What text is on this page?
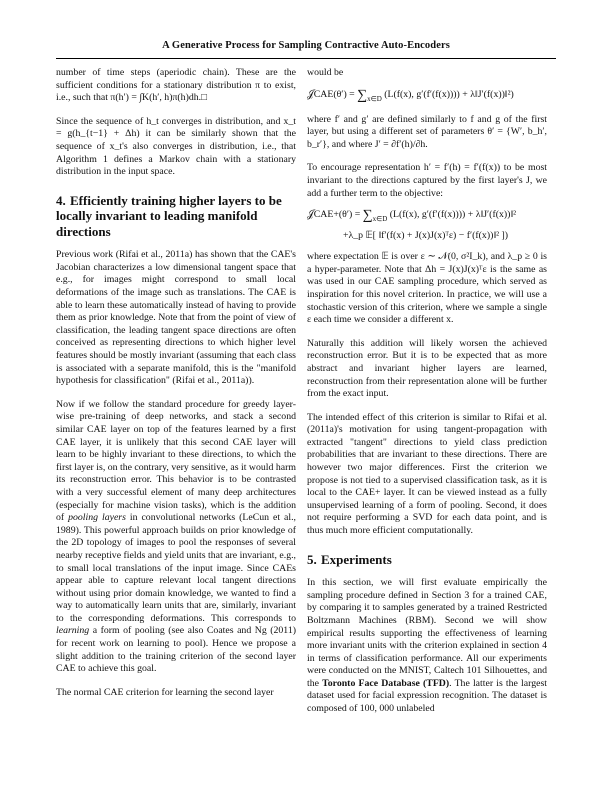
A Generative Process for Sampling Contractive Auto-Encoders

number of time steps (aperiodic chain). These are the sufficient conditions for a stationary distribution π to exist, i.e., such that π(h′) = ∫K(h′, h)π(h)dh.□

Since the sequence of h_t converges in distribution, and x_t = g(h_{t−1} + Δh) it can be similarly shown that the sequence of x_t's also converges in distribution, i.e., that Algorithm 1 defines a Markov chain with a stationary distribution in the input space.

4. Efficiently training higher layers to be locally invariant to leading manifold directions

Previous work (Rifai et al., 2011a) has shown that the CAE's Jacobian characterizes a low dimensional tangent space that e.g., for images might correspond to small local deformations of the image such as translations. The CAE is able to learn these automatically instead of having to provide them as prior knowledge. Note that from the point of view of classification, the leading tangent space directions are often conceived as representing directions to which higher level features should be mostly invariant (assuming that each class is associated with a separate manifold, this is the "manifold hypothesis for classification" (Rifai et al., 2011a)).

Now if we follow the standard procedure for greedy layer-wise pre-training of deep networks, and stack a second similar CAE layer on top of the features learned by a first CAE layer, it is unlikely that this second CAE layer will learn to be highly invariant to these directions, to which the first layer is, on the contrary, very sensitive, as it would harm its reconstruction error. This behavior is to be contrasted with a very successful element of many deep architectures (especially for machine vision tasks), which is the addition of pooling layers in convolutional networks (LeCun et al., 1989). This powerful approach builds on prior knowledge of the 2D topology of images to pool the responses of several nearby receptive fields and yield units that are invariant, e.g., to small local translations of the input image. Since CAEs appear able to capture relevant local tangent directions without using prior domain knowledge, we wanted to find a way to automatically learn units that are, similarly, invariant to the corresponding deformations. This corresponds to learning a form of pooling (see also Coates and Ng (2011) for recent work on learning to pool). Hence we propose a slight addition to the training criterion of the second layer CAE to achieve this goal.

The normal CAE criterion for learning the second layer

would be

𝒥CAE(θ′) = $\sum_{x\in D}$ (L(f(x), g′(f′(f(x)))) + λ‖J′(f(x))‖²)

where f′ and g′ are defined similarly to f and g of the first layer, but using a different set of parameters θ′ = {W′, b_h′, b_r′}, and where J′ = ∂f′(h)/∂h.

To encourage representation h′ = f′(h) = f′(f(x)) to be most invariant to the directions captured by the first layer's J, we add a further term to the objective:

𝒥CAE+(θ′) = $\sum_{x\in D}$ (L(f(x), g′(f′(f(x)))) + λ‖J′(f(x))‖²
+λ_p 𝔼[ ‖f′(f(x) + J(x)J(x)ᵀε) − f′(f(x))‖² ])

where expectation 𝔼 is over ε ∼ 𝒩(0, σ²I_k), and λ_p ≥ 0 is a hyper-parameter. Note that Δh = J(x)J(x)ᵀε is the same as was used in our CAE sampling procedure, which served as inspiration for this novel criterion. In practice, we will use a stochastic version of this criterion, where we sample a single ε each time we consider a different x.

Naturally this addition will likely worsen the achieved reconstruction error. But it is to be expected that as more abstract and invariant higher layers are learned, reconstruction from their representation alone will be further from the exact input.

The intended effect of this criterion is similar to Rifai et al. (2011a)'s motivation for using tangent-propagation with extracted "tangent" directions to yield class prediction probabilities that are invariant to these directions. There are however two major differences. First the criterion we propose is not tied to a supervised classification task, as it is local to the CAE+ layer. It can be viewed instead as a fully unsupervised learning of a form of pooling. Second, it does not require performing a SVD for each data point, and is thus much more efficient computationally.

5. Experiments

In this section, we will first evaluate empirically the sampling procedure defined in Section 3 for a trained CAE, by comparing it to samples generated by a trained Restricted Boltzmann Machines (RBM). Second we will show empirical results supporting the effectiveness of learning more invariant units with the criterion explained in section 4 in terms of classification performance. All our experiments were conducted on the MNIST, Caltech 101 Silhouettes, and the Toronto Face Database (TFD). The latter is the largest dataset used for facial expression recognition. The dataset is composed of 100, 000 unlabeled
